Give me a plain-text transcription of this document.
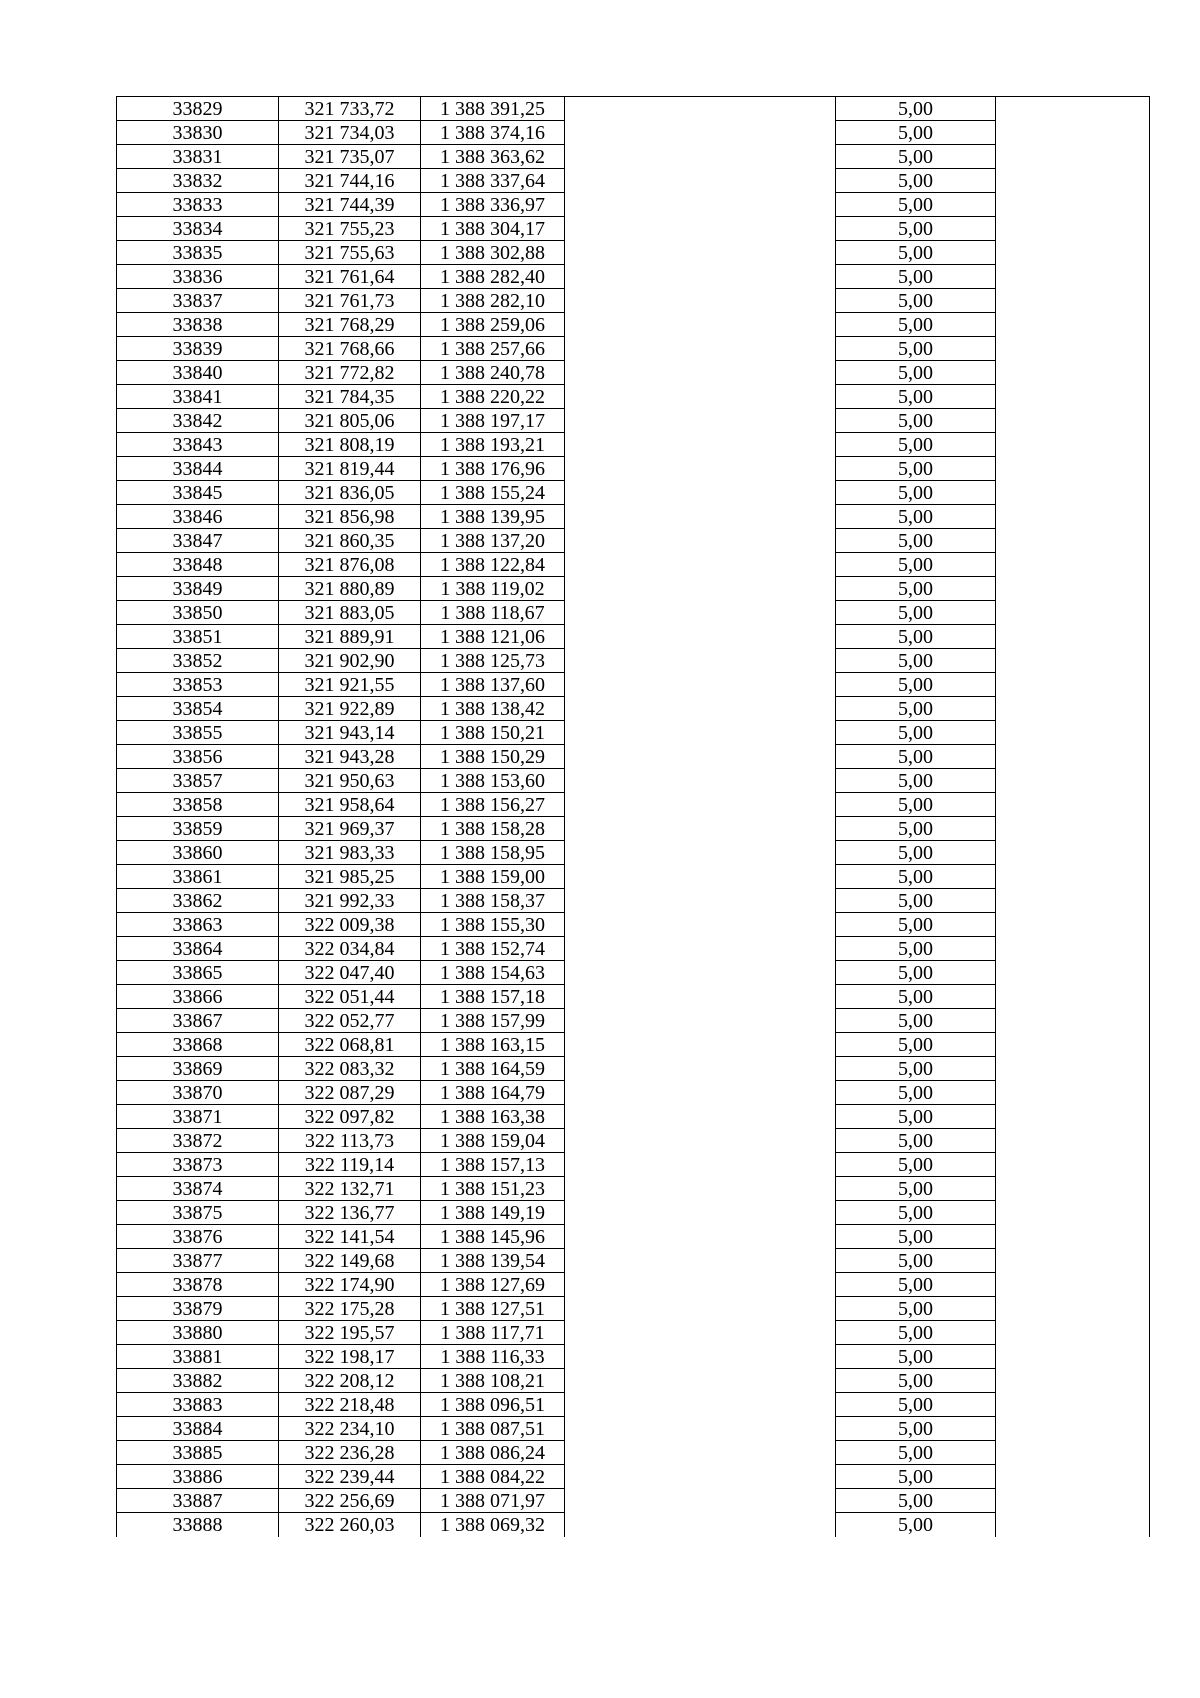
33829	321 733,72	1 388 391,25		5,00	
33830	321 734,03	1 388 374,16		5,00	
33831	321 735,07	1 388 363,62		5,00	
33832	321 744,16	1 388 337,64		5,00	
33833	321 744,39	1 388 336,97		5,00	
33834	321 755,23	1 388 304,17		5,00	
33835	321 755,63	1 388 302,88		5,00	
33836	321 761,64	1 388 282,40		5,00	
33837	321 761,73	1 388 282,10		5,00	
33838	321 768,29	1 388 259,06		5,00	
33839	321 768,66	1 388 257,66		5,00	
33840	321 772,82	1 388 240,78		5,00	
33841	321 784,35	1 388 220,22		5,00	
33842	321 805,06	1 388 197,17		5,00	
33843	321 808,19	1 388 193,21		5,00	
33844	321 819,44	1 388 176,96		5,00	
33845	321 836,05	1 388 155,24		5,00	
33846	321 856,98	1 388 139,95		5,00	
33847	321 860,35	1 388 137,20		5,00	
33848	321 876,08	1 388 122,84		5,00	
33849	321 880,89	1 388 119,02		5,00	
33850	321 883,05	1 388 118,67		5,00	
33851	321 889,91	1 388 121,06		5,00	
33852	321 902,90	1 388 125,73		5,00	
33853	321 921,55	1 388 137,60		5,00	
33854	321 922,89	1 388 138,42		5,00	
33855	321 943,14	1 388 150,21		5,00	
33856	321 943,28	1 388 150,29		5,00	
33857	321 950,63	1 388 153,60		5,00	
33858	321 958,64	1 388 156,27		5,00	
33859	321 969,37	1 388 158,28		5,00	
33860	321 983,33	1 388 158,95		5,00	
33861	321 985,25	1 388 159,00		5,00	
33862	321 992,33	1 388 158,37		5,00	
33863	322 009,38	1 388 155,30		5,00	
33864	322 034,84	1 388 152,74		5,00	
33865	322 047,40	1 388 154,63		5,00	
33866	322 051,44	1 388 157,18		5,00	
33867	322 052,77	1 388 157,99		5,00	
33868	322 068,81	1 388 163,15		5,00	
33869	322 083,32	1 388 164,59		5,00	
33870	322 087,29	1 388 164,79		5,00	
33871	322 097,82	1 388 163,38		5,00	
33872	322 113,73	1 388 159,04		5,00	
33873	322 119,14	1 388 157,13		5,00	
33874	322 132,71	1 388 151,23		5,00	
33875	322 136,77	1 388 149,19		5,00	
33876	322 141,54	1 388 145,96		5,00	
33877	322 149,68	1 388 139,54		5,00	
33878	322 174,90	1 388 127,69		5,00	
33879	322 175,28	1 388 127,51		5,00	
33880	322 195,57	1 388 117,71		5,00	
33881	322 198,17	1 388 116,33		5,00	
33882	322 208,12	1 388 108,21		5,00	
33883	322 218,48	1 388 096,51		5,00	
33884	322 234,10	1 388 087,51		5,00	
33885	322 236,28	1 388 086,24		5,00	
33886	322 239,44	1 388 084,22		5,00	
33887	322 256,69	1 388 071,97		5,00	
33888	322 260,03	1 388 069,32		5,00	
